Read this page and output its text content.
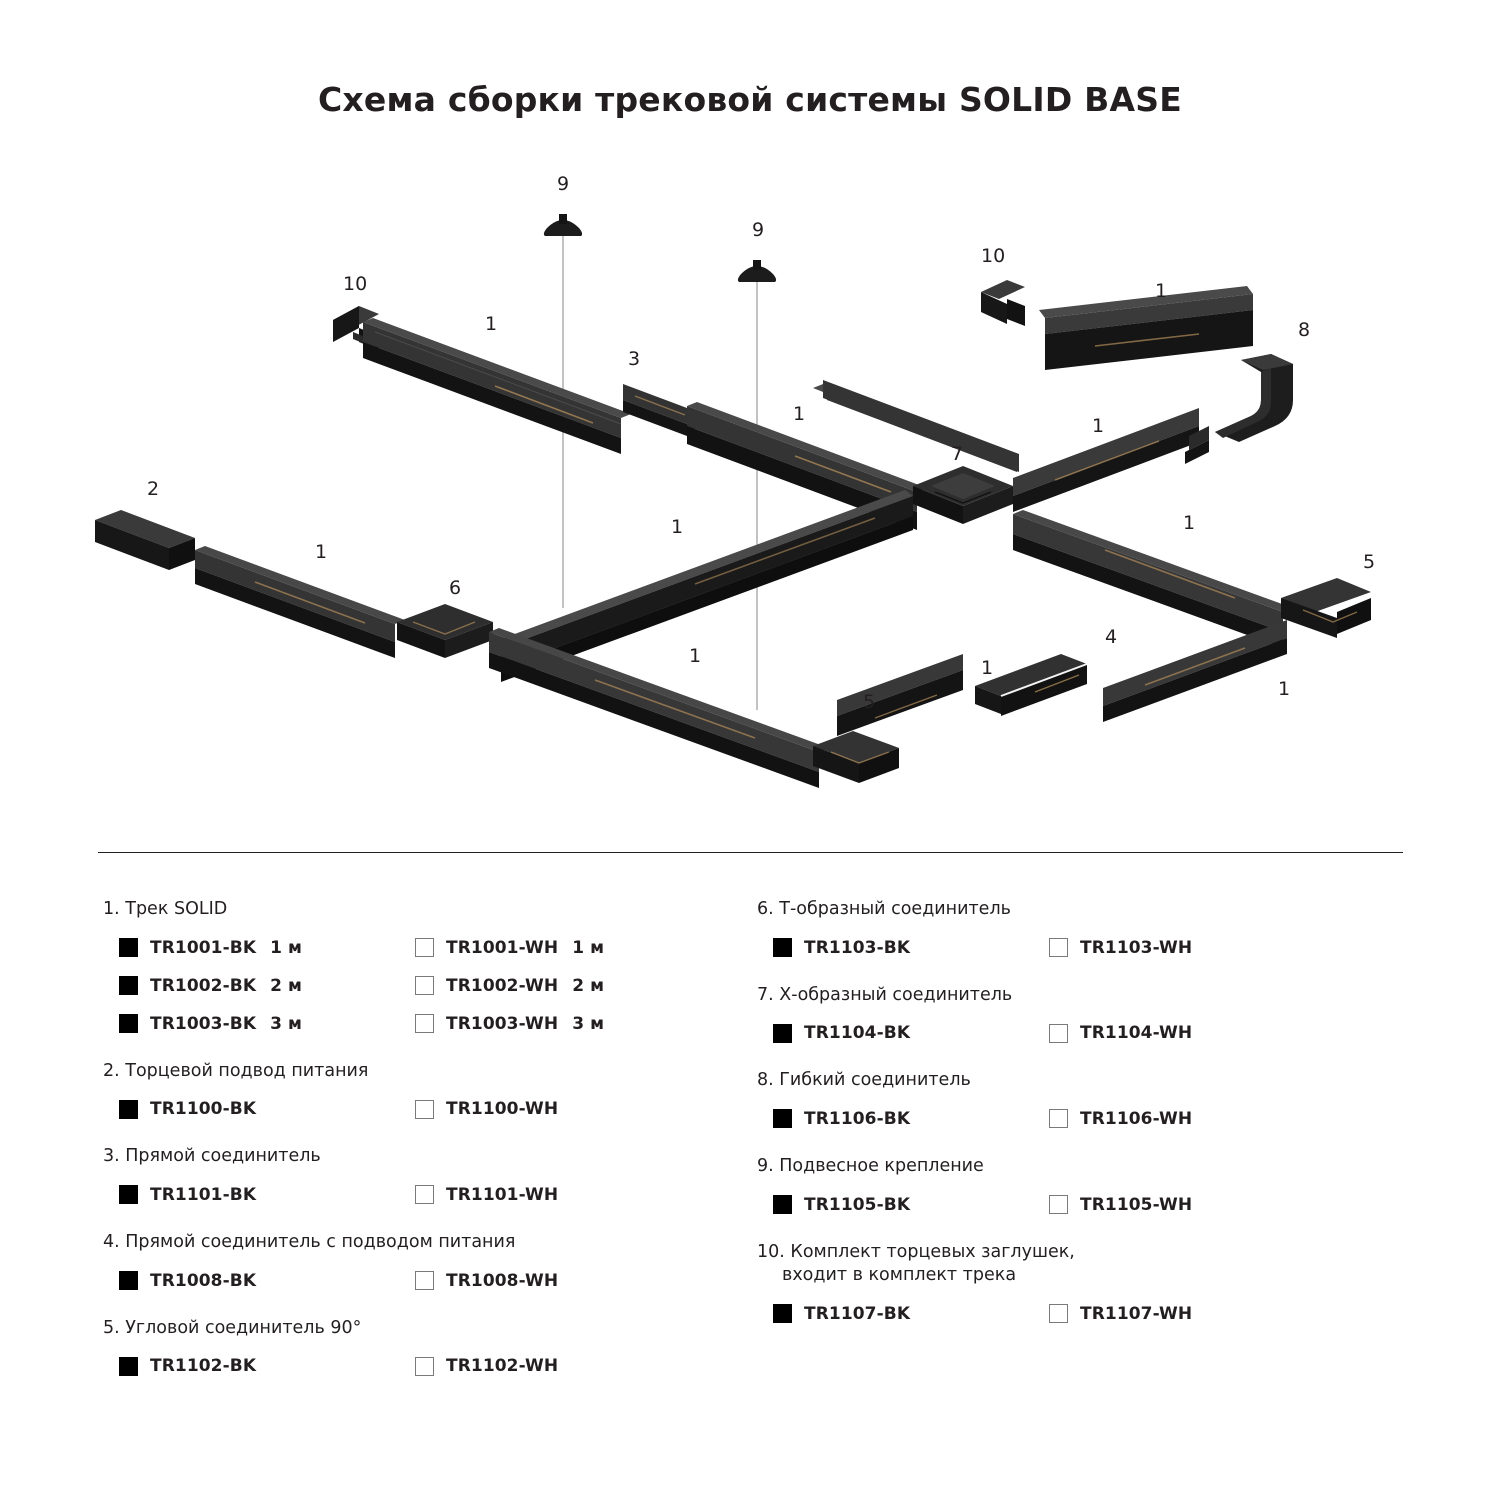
Схема сборки трековой системы SOLID BASE
9
9
10
10
1
1
8
3
1
7
1
2
1	1
1	5
6
1
4
1
1
5
1. Трек SOLID
TR1001-BK 1 м	TR1001-WH 1 м
TR1002-BK 2 м	TR1002-WH 2 м
TR1003-BK 3 м	TR1003-WH 3 м
2. Торцевой подвод питания
TR1100-BK	TR1100-WH
3. Прямой соединитель
TR1101-BK	TR1101-WH
4. Прямой соединитель с подводом питания
TR1008-BK	TR1008-WH
5. Угловой соединитель 90°
TR1102-BK	TR1102-WH
6. Т-образный соединитель
TR1103-BK	TR1103-WH
7. Х-образный соединитель
TR1104-BK	TR1104-WH
8. Гибкий соединитель
TR1106-BK	TR1106-WH
9. Подвесное крепление
TR1105-BK	TR1105-WH
10. Комплект торцевых заглушек,
входит в комплект трека
TR1107-BK	TR1107-WH
